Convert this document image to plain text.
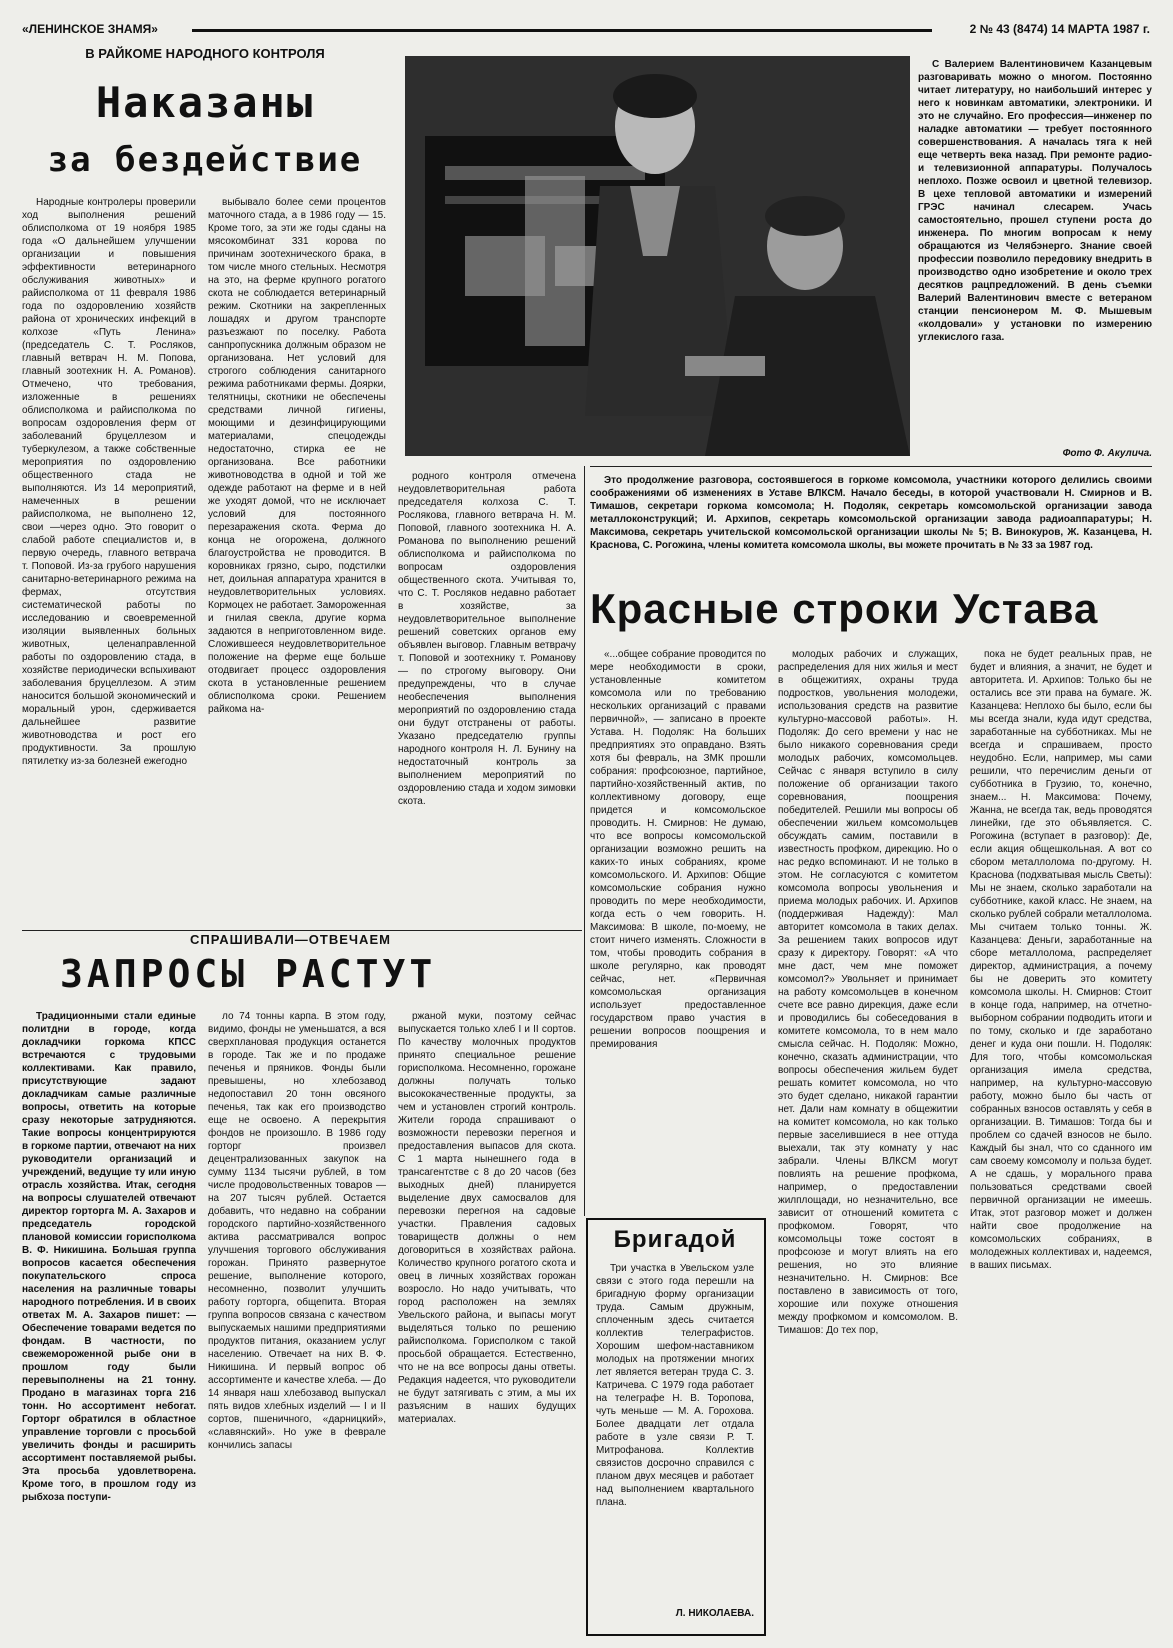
«ЛЕНИНСКОЕ ЗНАМЯ»	2 № 43 (8474) 14 МАРТА 1987 г.
В РАЙКОМЕ НАРОДНОГО КОНТРОЛЯ
Наказаны
за бездействие

Народные контролеры проверили ход выполнения решений облисполкома от 19 ноября 1985 года «О дальнейшем улучшении организации и повышения эффективности ветеринарного обслуживания животных» и райисполкома от 11 февраля 1986 года по оздоровлению хозяйств района от хронических инфекций в колхозе «Путь Ленина» (председатель С. Т. Росляков, главный ветврач Н. М. Попова, главный зоотехник Н. А. Романов). Отмечено, что требования, изложенные в решениях облисполкома и райисполкома по вопросам оздоровления ферм от заболеваний бруцеллезом и туберкулезом, а также собственные мероприятия по оздоровлению общественного стада не выполняются. Из 14 мероприятий, намеченных в решении райисполкома, не выполнено 12, свои —через одно. Это говорит о слабой работе специалистов и, в первую очередь, главного ветврача т. Поповой. Из-за грубого нарушения санитарно-ветеринарного режима на фермах, отсутствия систематической работы по исследованию и своевременной изоляции выявленных больных животных, целенаправленной работы по оздоровлению стада, в хозяйстве периодически вспыхивают заболевания бруцеллезом. А этим наносится большой экономический и моральный урон, сдерживается дальнейшее развитие животноводства и рост его продуктивности. За прошлую пятилетку из-за болезней ежегодно

выбывало более семи процентов маточного стада, а в 1986 году — 15. Кроме того, за эти же годы сданы на мясокомбинат 331 корова по причинам зоотехнического брака, в том числе много стельных. Несмотря на это, на ферме крупного рогатого скота не соблюдается ветеринарный режим. Скотники на закрепленных лошадях и другом транспорте разъезжают по поселку. Работа санпропускника должным образом не организована. Нет условий для строгого соблюдения санитарного режима работниками фермы. Доярки, телятницы, скотники не обеспечены средствами личной гигиены, моющими и дезинфицирующими материалами, спецодежды недостаточно, стирка ее не организована. Все работники животноводства в одной и той же одежде работают на ферме и в ней же уходят домой, что не исключает условий для постоянного перезаражения скота. Ферма до конца не огорожена, должного благоустройства не проводится. В коровниках грязно, сыро, подстилки нет, доильная аппаратура хранится в неудовлетворительных условиях. Кормоцех не работает. Замороженная и гнилая свекла, другие корма задаются в неприготовленном виде. Сложившееся неудовлетворительное положение на ферме еще больше отодвигает процесс оздоровления скота в установленные решением облисполкома сроки. Решением райкома на-

родного контроля отмечена неудовлетворительная работа председателя колхоза С. Т. Рослякова, главного ветврача Н. М. Поповой, главного зоотехника Н. А. Романова по выполнению решений облисполкома и райисполкома по вопросам оздоровления общественного скота. Учитывая то, что С. Т. Росляков недавно работает в хозяйстве, за неудовлетворительное выполнение решений советских органов ему объявлен выговор. Главным ветврачу т. Поповой и зоотехнику т. Романову — по строгому выговору. Они предупреждены, что в случае необеспечения выполнения мероприятий по оздоровлению стада они будут отстранены от работы. Указано председателю группы народного контроля Н. Л. Бунину на недостаточный контроль за выполнением мероприятий по оздоровлению стада и ходом зимовки скота.

С Валерием Валентиновичем Казанцевым разговаривать можно о многом. Постоянно читает литературу, но наибольший интерес у него к новинкам автоматики, электроники. И это не случайно. Его профессия—инженер по наладке автоматики — требует постоянного совершенствования. А началась тяга к ней еще четверть века назад. При ремонте радио- и телевизионной аппаратуры. Получалось неплохо. Позже освоил и цветной телевизор. В цехе тепловой автоматики и измерений ГРЭС начинал слесарем. Учась самостоятельно, прошел ступени роста до инженера. По многим вопросам к нему обращаются из Челябэнерго. Знание своей профессии позволило передовику внедрить в производство одно изобретение и около трех десятков рацпредложений. В день съемки Валерий Валентинович вместе с ветераном станции пенсионером М. Ф. Мышевым «колдовали» у установки по измерению углекислого газа.

Фото Ф. Акулича.

Это продолжение разговора, состоявшегося в горкоме комсомола, участники которого делились своими соображениями об изменениях в Уставе ВЛКСМ. Начало беседы, в которой участвовали Н. Смирнов и В. Тимашов, секретари горкома комсомола; Н. Подоляк, секретарь комсомольской организации завода металлоконструкций; И. Архипов, секретарь комсомольской организации завода радиоаппаратуры; Н. Максимова, секретарь учительской комсомольской организации школы № 5; В. Винокуров, Ж. Казанцева, Н. Краснова, С. Рогожина, члены комитета комсомола школы, вы можете прочитать в № 33 за 1987 год.

Красные строки Устава

«...общее собрание проводится по мере необходимости в сроки, установленные комитетом комсомола или по требованию нескольких организаций с правами первичной», — записано в проекте Устава. Н. Подоляк: На больших предприятиях это оправдано. Взять хотя бы февраль, на ЗМК прошли собрания: профсоюзное, партийное, партийно-хозяйственный актив, по коллективному договору, еще придется и комсомольское проводить. Н. Смирнов: Не думаю, что все вопросы комсомольской организации возможно решить на каких-то иных собраниях, кроме комсомольского. И. Архипов: Общие комсомольские собрания нужно проводить по мере необходимости, когда есть о чем говорить. Н. Максимова: В школе, по-моему, не стоит ничего изменять. Сложности в том, чтобы проводить собрания в школе регулярно, как проводят сейчас, нет. «Первичная комсомольская организация использует предоставленное государством право участия в решении вопросов поощрения и премирования

молодых рабочих и служащих, распределения для них жилья и мест в общежитиях, охраны труда подростков, увольнения молодежи, использования средств на развитие культурно-массовой работы». Н. Подоляк: До сего времени у нас не было никакого соревнования среди молодых рабочих, комсомольцев. Сейчас с января вступило в силу положение об организации такого соревнования, поощрения победителей. Решили мы вопросы об обеспечении жильем комсомольцев обсуждать самим, поставили в известность профком, дирекцию. Но о нас редко вспоминают. И не только в этом. Не согласуются с комитетом комсомола вопросы увольнения и приема молодых рабочих. И. Архипов (поддерживая Надежду): Мал авторитет комсомола в таких делах. За решением таких вопросов идут сразу к директору. Говорят: «А что мне даст, чем мне поможет комсомол?» Увольняет и принимает на работу комсомольцев в конечном счете все равно дирекция, даже если и проводились бы собеседования в комитете комсомола, то в нем мало смысла сейчас. Н. Подоляк: Можно, конечно, сказать администрации, что вопросы обеспечения жильем будет решать комитет комсомола, но что это будет сделано, никакой гарантии нет. Дали нам комнату в общежитии на комитет комсомола, но как только первые заселившиеся в нее оттуда выехали, так эту комнату у нас забрали. Члены ВЛКСМ могут повлиять на решение профкома, например, о предоставлении жилплощади, но незначительно, все зависит от отношений комитета с профкомом. Говорят, что комсомольцы тоже состоят в профсоюзе и могут влиять на его решения, но это влияние незначительно. Н. Смирнов: Все поставлено в зависимость от того, хорошие или похуже отношения между профкомом и комсомолом. В. Тимашов: До тех пор,

пока не будет реальных прав, не будет и влияния, а значит, не будет и авторитета. И. Архипов: Только бы не остались все эти права на бумаге. Ж. Казанцева: Неплохо бы было, если бы мы всегда знали, куда идут средства, заработанные на субботниках. Мы не всегда и спрашиваем, просто неудобно. Если, например, мы сами решили, что перечислим деньги от субботника в Грузию, то, конечно, знаем... Н. Максимова: Почему, Жанна, не всегда так, ведь проводятся линейки, где это объявляется. С. Рогожина (вступает в разговор): Де, если акция общешкольная. А вот со сбором металлолома по-другому. Н. Краснова (подхватывая мысль Светы): Мы не знаем, сколько заработали на субботнике, какой класс. Не знаем, на сколько рублей собрали металлолома. Мы считаем только тонны. Ж. Казанцева: Деньги, заработанные на сборе металлолома, распределяет директор, администрация, а почему бы не доверить это комитету комсомола школы. Н. Смирнов: Стоит в конце года, например, на отчетно-выборном собрании подводить итоги и по тому, сколько и где заработано денег и куда они пошли. Н. Подоляк: Для того, чтобы комсомольская организация имела средства, например, на культурно-массовую работу, можно было бы часть от собранных взносов оставлять у себя в организации. В. Тимашов: Тогда бы и проблем со сдачей взносов не было. Каждый бы знал, что со сданного им сам своему комсомолу и польза будет. А не сдашь, у морального права пользоваться средствами своей первичной организации не имеешь. Итак, этот разговор может и должен найти свое продолжение на комсомольских собраниях, в молодежных коллективах и, надеемся, в ваших письмах.

СПРАШИВАЛИ—ОТВЕЧАЕМ
ЗАПРОСЫ РАСТУТ

Традиционными стали единые политдни в городе, когда докладчики горкома КПСС встречаются с трудовыми коллективами. Как правило, присутствующие задают докладчикам самые различные вопросы, ответить на которые сразу некоторые затрудняются. Такие вопросы концентрируются в горкоме партии, отвечают на них руководители организаций и учреждений, ведущие ту или иную отрасль хозяйства. Итак, сегодня на вопросы слушателей отвечают директор горторга М. А. Захаров и председатель городской плановой комиссии горисполкома В. Ф. Никишина. Большая группа вопросов касается обеспечения покупательского спроса населения на различные товары народного потребления. И в своих ответах М. А. Захаров пишет: — Обеспечение товарами ведется по фондам. В частности, по свежемороженной рыбе они в прошлом году были перевыполнены на 21 тонну. Продано в магазинах торга 216 тонн. Но ассортимент небогат. Горторг обратился в областное управление торговли с просьбой увеличить фонды и расширить ассортимент поставляемой рыбы. Эта просьба удовлетворена. Кроме того, в прошлом году из рыбхоза поступи-

ло 74 тонны карпа. В этом году, видимо, фонды не уменьшатся, а вся сверхплановая продукция останется в городе. Так же и по продаже печенья и пряников. Фонды были превышены, но хлебозавод недопоставил 20 тонн овсяного печенья, так как его производство еще не освоено. А перекрытия фондов не произошло. В 1986 году горторг произвел децентрализованных закупок на сумму 1134 тысячи рублей, в том числе продовольственных товаров — на 207 тысяч рублей. Остается добавить, что недавно на собрании городского партийно-хозяйственного актива рассматривался вопрос улучшения торгового обслуживания горожан. Принято развернутое решение, выполнение которого, несомненно, позволит улучшить работу горторга, общепита. Вторая группа вопросов связана с качеством выпускаемых нашими предприятиями продуктов питания, оказанием услуг населению. Отвечает на них В. Ф. Никишина. И первый вопрос об ассортименте и качестве хлеба. — До 14 января наш хлебозавод выпускал пять видов хлебных изделий — I и II сортов, пшеничного, «дарницкий», «славянский». Но уже в феврале кончились запасы

ржаной муки, поэтому сейчас выпускается только хлеб I и II сортов. По качеству молочных продуктов принято специальное решение горисполкома. Несомненно, горожане должны получать только высококачественные продукты, за чем и установлен строгий контроль. Жители города спрашивают о возможности перевозки перегноя и предоставления выпасов для скота. С 1 марта нынешнего года в трансагентстве с 8 до 20 часов (без выходных дней) планируется выделение двух самосвалов для перевозки перегноя на садовые участки. Правления садовых товариществ должны о нем договориться в хозяйствах района. Количество крупного рогатого скота и овец в личных хозяйствах горожан возросло. Но надо учитывать, что город расположен на землях Увельского района, и выпасы могут выделяться только по решению райисполкома. Горисполком с такой просьбой обращается. Естественно, что не на все вопросы даны ответы. Редакция надеется, что руководители не будут затягивать с этим, а мы их разъясним в наших будущих материалах.

Бригадой

Три участка в Увельском узле связи с этого года перешли на бригадную форму организации труда. Самым дружным, сплоченным здесь считается коллектив телеграфистов. Хорошим шефом-наставником молодых на протяжении многих лет является ветеран труда С. З. Катричева. С 1979 года работает на телеграфе Н. В. Торопова, чуть меньше — М. А. Горохова. Более двадцати лет отдала работе в узле связи Р. Т. Митрофанова. Коллектив связистов досрочно справился с планом двух месяцев и работает над выполнением квартального плана.

Л. НИКОЛАЕВА.
